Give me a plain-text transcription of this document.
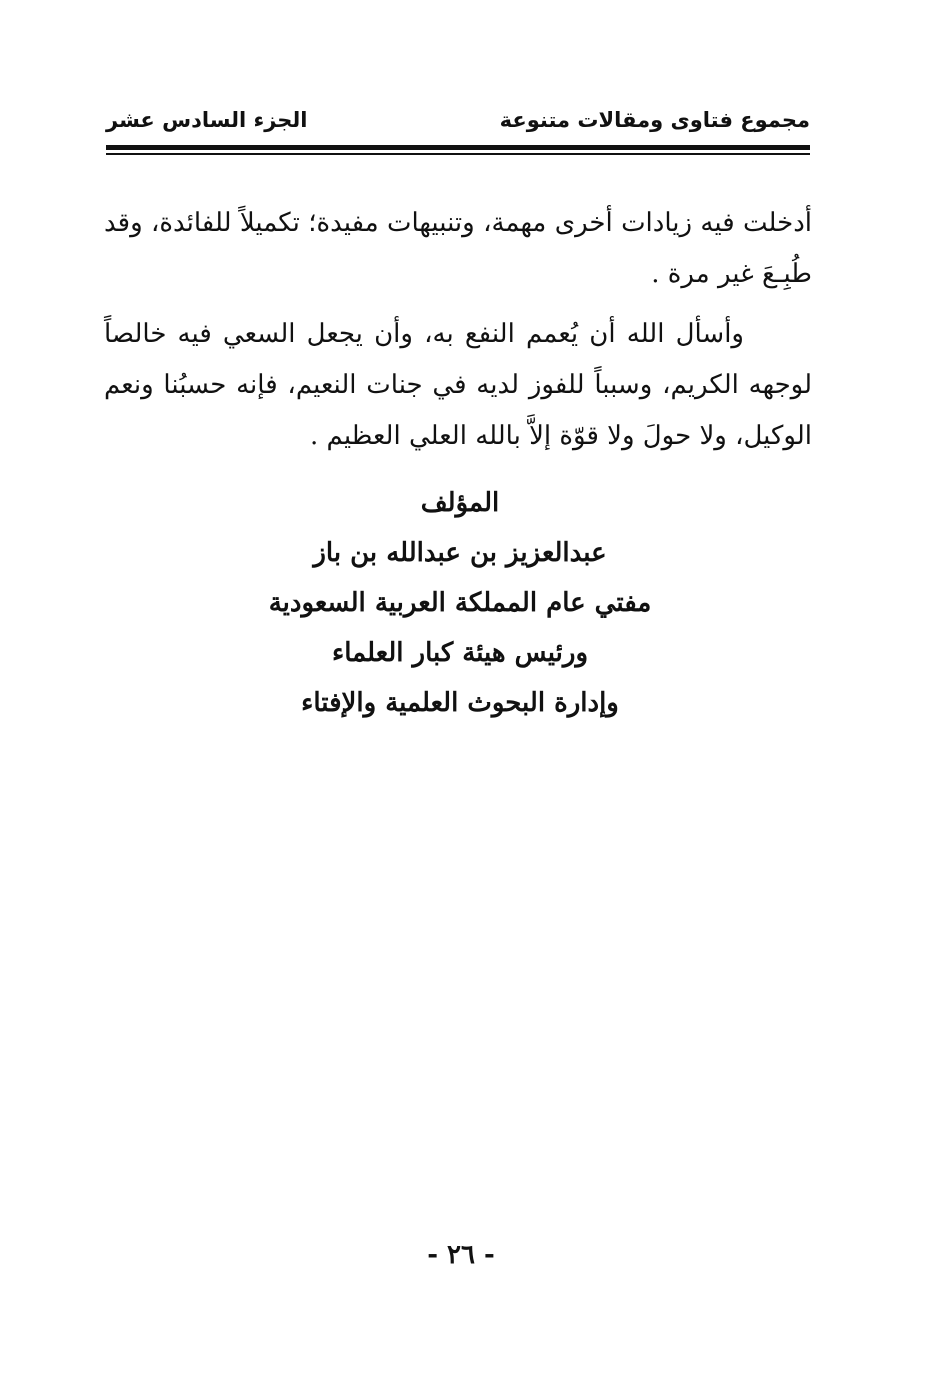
مجموع فتاوى ومقالات متنوعة
الجزء السادس عشر

أدخلت فيه زيادات أخرى مهمة، وتنبيهات مفيدة؛ تكميلاً للفائدة، وقد طُبِـعَ غير مرة .

وأسأل الله أن يُعمم النفع به، وأن يجعل السعي فيه خالصاً لوجهه الكريم، وسبباً للفوز لديه في جنات النعيم، فإنه حسبُنا ونعم الوكيل، ولا حولَ ولا قوّة إلاَّ بالله العلي العظيم .

المؤلف
عبدالعزيز بن عبدالله بن باز
مفتي عام المملكة العربية السعودية
ورئيس هيئة كبار العلماء
وإدارة البحوث العلمية والإفتاء
- ٢٦ -
